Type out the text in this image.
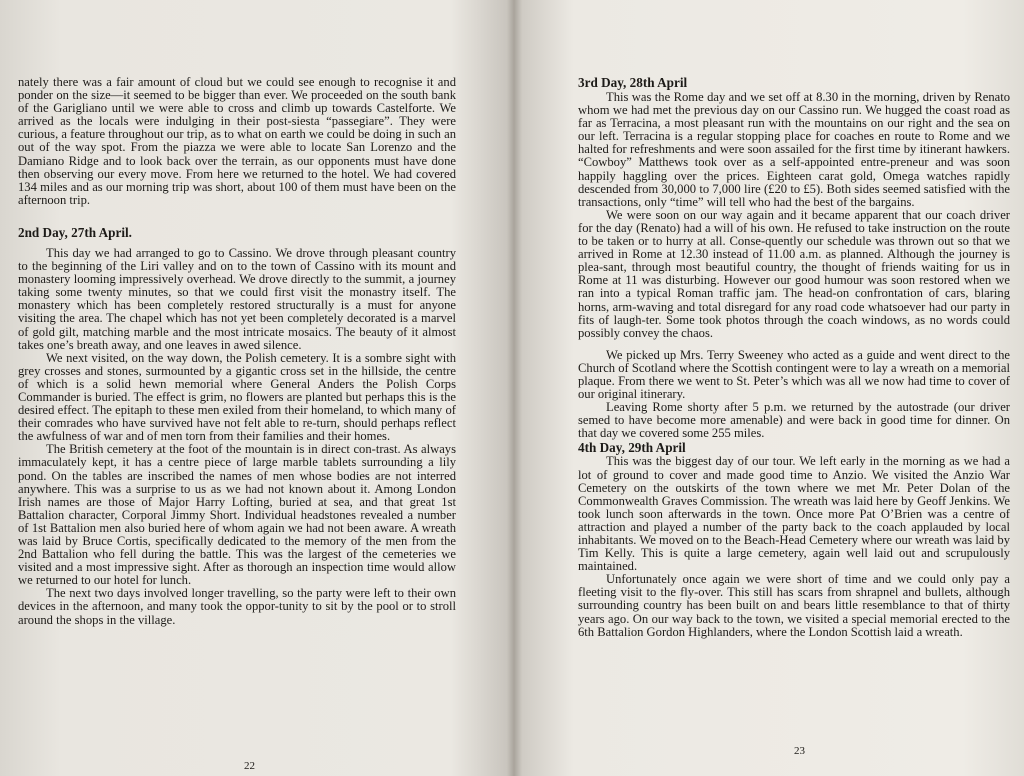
nately there was a fair amount of cloud but we could see enough to recognise it and ponder on the size—it seemed to be bigger than ever. We proceeded on the south bank of the Garigliano until we were able to cross and climb up towards Castelforte. We arrived as the locals were indulging in their post-siesta “passegiare”. They were curious, a feature throughout our trip, as to what on earth we could be doing in such an out of the way spot. From the piazza we were able to locate San Lorenzo and the Damiano Ridge and to look back over the terrain, as our opponents must have done then observing our every move. From here we returned to the hotel. We had covered 134 miles and as our morning trip was short, about 100 of them must have been on the afternoon trip.

2nd Day, 27th April.

This day we had arranged to go to Cassino. We drove through pleasant country to the beginning of the Liri valley and on to the town of Cassino with its mount and monastery looming impressively overhead. We drove directly to the summit, a journey taking some twenty minutes, so that we could first visit the monastry itself. The monastery which has been completely restored structurally is a must for anyone visiting the area. The chapel which has not yet been completely decorated is a marvel of gold gilt, matching marble and the most intricate mosaics. The beauty of it almost takes one’s breath away, and one leaves in awed silence.

We next visited, on the way down, the Polish cemetery. It is a sombre sight with grey crosses and stones, surmounted by a gigantic cross set in the hillside, the centre of which is a solid hewn memorial where General Anders the Polish Corps Commander is buried. The effect is grim, no flowers are planted but perhaps this is the desired effect. The epitaph to these men exiled from their homeland, to which many of their comrades who have survived have not felt able to re-turn, should perhaps reflect the awfulness of war and of men torn from their families and their homes.

The British cemetery at the foot of the mountain is in direct con-trast. As always immaculately kept, it has a centre piece of large marble tablets surrounding a lily pond. On the tables are inscribed the names of men whose bodies are not interred anywhere. This was a surprise to us as we had not known about it. Among London Irish names are those of Major Harry Lofting, buried at sea, and that great 1st Battalion character, Corporal Jimmy Short. Individual headstones revealed a number of 1st Battalion men also buried here of whom again we had not been aware. A wreath was laid by Bruce Cortis, specifically dedicated to the memory of the men from the 2nd Battalion who fell during the battle. This was the largest of the cemeteries we visited and a most impressive sight. After as thorough an inspection time would allow we returned to our hotel for lunch.

The next two days involved longer travelling, so the party were left to their own devices in the afternoon, and many took the oppor-tunity to sit by the pool or to stroll around the shops in the village.

22
3rd Day, 28th April

This was the Rome day and we set off at 8.30 in the morning, driven by Renato whom we had met the previous day on our Cassino run. We hugged the coast road as far as Terracina, a most pleasant run with the mountains on our right and the sea on our left. Terracina is a regular stopping place for coaches en route to Rome and we halted for refreshments and were soon assailed for the first time by itinerant hawkers. “Cowboy” Matthews took over as a self-appointed entre-preneur and was soon happily haggling over the prices. Eighteen carat gold, Omega watches rapidly descended from 30,000 to 7,000 lire (£20 to £5). Both sides seemed satisfied with the transactions, only “time” will tell who had the best of the bargains.

We were soon on our way again and it became apparent that our coach driver for the day (Renato) had a will of his own. He refused to take instruction on the route to be taken or to hurry at all. Conse-quently our schedule was thrown out so that we arrived in Rome at 12.30 instead of 11.00 a.m. as planned. Although the journey is plea-sant, through most beautiful country, the thought of friends waiting for us in Rome at 11 was disturbing. However our good humour was soon restored when we ran into a typical Roman traffic jam. The head-on confrontation of cars, blaring horns, arm-waving and total disregard for any road code whatsoever had our party in fits of laugh-ter. Some took photos through the coach windows, as no words could possibly convey the chaos.

We picked up Mrs. Terry Sweeney who acted as a guide and went direct to the Church of Scotland where the Scottish contingent were to lay a wreath on a memorial plaque. From there we went to St. Peter’s which was all we now had time to cover of our original itinerary.

Leaving Rome shorty after 5 p.m. we returned by the autostrade (our driver semed to have become more amenable) and were back in good time for dinner. On that day we covered some 255 miles.

4th Day, 29th April

This was the biggest day of our tour. We left early in the morning as we had a lot of ground to cover and made good time to Anzio. We visited the Anzio War Cemetery on the outskirts of the town where we met Mr. Peter Dolan of the Commonwealth Graves Commission. The wreath was laid here by Geoff Jenkins. We took lunch soon afterwards in the town. Once more Pat O’Brien was a centre of attraction and played a number of the party back to the coach applauded by local inhabitants. We moved on to the Beach-Head Cemetery where our wreath was laid by Tim Kelly. This is quite a large cemetery, again well laid out and scrupulously maintained.

Unfortunately once again we were short of time and we could only pay a fleeting visit to the fly-over. This still has scars from shrapnel and bullets, although surrounding country has been built on and bears little resemblance to that of thirty years ago. On our way back to the town, we visited a special memorial erected to the 6th Battalion Gordon Highlanders, where the London Scottish laid a wreath.

23
